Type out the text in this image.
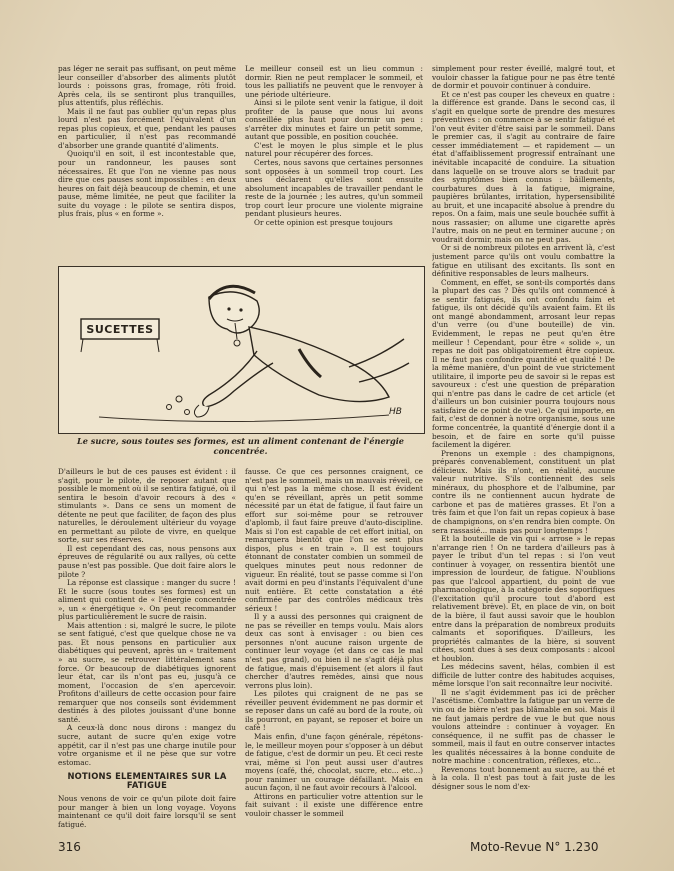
pas léger ne serait pas suffisant, on peut même leur conseiller d'absorber des aliments plutôt lourds : poissons gras, fromage, rôti froid. Après cela, ils se sentiront plus tranquilles, plus attentifs, plus réfléchis.

Mais il ne faut pas oublier qu'un repas plus lourd n'est pas forcément l'équivalent d'un repas plus copieux, et que, pendant les pauses en particulier, il n'est pas recommandé d'absorber une grande quantité d'aliments.

Quoiqu'il en soit, il est incontestable que, pour un randonneur, les pauses sont nécessaires. Et que l'on ne vienne pas nous dire que ces pauses sont impossibles : en deux heures on fait déjà beaucoup de chemin, et une pause, même limitée, ne peut que faciliter la suite du voyage : le pilote se sentira dispos, plus frais, plus « en forme ».

Le meilleur conseil est un lieu commun : dormir. Rien ne peut remplacer le sommeil, et tous les palliatifs ne peuvent que le renvoyer à une période ultérieure.

Ainsi si le pilote sent venir la fatigue, il doit profiter de la pause que nous lui avons conseillée plus haut pour dormir un peu : s'arrêter dix minutes et faire un petit somme, autant que possible, en position couchée.

C'est le moyen le plus simple et le plus naturel pour récupérer des forces.

Certes, nous savons que certaines personnes sont opposées à un sommeil trop court. Les unes déclarent qu'elles sont ensuite absolument incapables de travailler pendant le reste de la journée ; les autres, qu'un sommeil trop court leur procure une violente migraine pendant plusieurs heures.

Or cette opinion est presque toujours

simplement pour rester éveillé, malgré tout, et vouloir chasser la fatigue pour ne pas être tenté de dormir et pouvoir continuer à conduire.

Et ce n'est pas couper les cheveux en quatre : la différence est grande. Dans le second cas, il s'agit en quelque sorte de prendre des mesures préventives : on commence à se sentir fatigué et l'on veut éviter d'être saisi par le sommeil. Dans le premier cas, il s'agit au contraire de faire cesser immédiatement — et rapidement — un état d'affaiblissement progressif entraînant une inévitable incapacité de conduire. La situation dans laquelle on se trouve alors se traduit par des symptômes bien connus : bâillements, courbatures dues à la fatigue, migraine, paupières brûlantes, irritation, hypersensibilité au bruit, et une incapacité absolue à prendre du repos. On a faim, mais une seule bouchée suffit à nous rassasier; on allume une cigarette après l'autre, mais on ne peut en terminer aucune ; on voudrait dormir, mais on ne peut pas.

Or si de nombreux pilotes en arrivent là, c'est justement parce qu'ils ont voulu combattre la fatigue en utilisant des excitants. Ils sont en définitive responsables de leurs malheurs.

Comment, en effet, se sont-ils comportés dans la plupart des cas ? Dès qu'ils ont commencé à se sentir fatigués, ils ont confondu faim et fatigue, ils ont décidé qu'ils avaient faim. Et ils ont mangé abondamment, arrosant leur repas d'un verre (ou d'une bouteille) de vin. Evidemment, le repas ne peut qu'en être meilleur ! Cependant, pour être « solide », un repas ne doit pas obligatoirement être copieux. Il ne faut pas confondre quantité et qualité ! De la même manière, d'un point de vue strictement utilitaire, il importe peu de savoir si le repas est savoureux : c'est une question de préparation qui n'entre pas dans le cadre de cet article (et d'ailleurs un bon cuisinier pourra toujours nous satisfaire de ce point de vue). Ce qui importe, en fait, c'est de donner à notre organisme, sous une forme concentrée, la quantité d'énergie dont il a besoin, et de faire en sorte qu'il puisse facilement la digérer.

Prenons un exemple : des champignons, préparés convenablement, constituent un plat délicieux. Mais ils n'ont, en réalité, aucune valeur nutritive. S'ils contiennent des sels minéraux, du phosphore et de l'albumine, par contre ils ne contiennent aucun hydrate de carbone et pas de matières grasses. Et l'on a très faim et que l'on fait un repas copieux à base de champignons, on s'en rendra bien compte. On sera rassasié... mais pas pour longtemps !

Et la bouteille de vin qui « arrose » le repas n'arrange rien ! On ne tardera d'ailleurs pas à payer le tribut d'un tel repas : si l'on veut continuer à voyager, on ressentira bientôt une impression de lourdeur, de fatigue. N'oublions pas que l'alcool appartient, du point de vue pharmacologique, à la catégorie des soporifiques (l'excitation qu'il procure tout d'abord est relativement brève). Et, en place de vin, on boit de la bière, il faut aussi savoir que le houblon entre dans la préparation de nombreux produits calmants et soporifiques. D'ailleurs, les propriétés calmantes de la bière, si souvent citées, sont dues à ses deux composants : alcool et houblon.

Les médecins savent, hélas, combien il est difficile de lutter contre des habitudes acquises, même lorsque l'on sait reconnaître leur nocivité.

Il ne s'agit évidemment pas ici de prêcher l'ascétisme. Combattre la fatigue par un verre de vin ou de bière n'est pas blâmable en soi. Mais il ne faut jamais perdre de vue le but que nous voulons atteindre : continuer à voyager. En conséquence, il ne suffit pas de chasser le sommeil, mais il faut en outre conserver intactes les qualités nécessaires à la bonne conduite de notre machine : concentration, réflexes, etc...

Revenons tout bonnement au sucre, au thé et à la cola. Il n'est pas tout à fait juste de les désigner sous le nom d'ex-

SUCETTES
HB
Le sucre, sous toutes ses formes, est un aliment contenant de l'énergie concentrée.

D'ailleurs le but de ces pauses est évident : il s'agit, pour le pilote, de reposer autant que possible le moment où il se sentira fatigué, où il sentira le besoin d'avoir recours à des « stimulants ». Dans ce sens un moment de détente ne peut que faciliter, de façon des plus naturelles, le déroulement ultérieur du voyage en permettant au pilote de vivre, en quelque sorte, sur ses réserves.

Il est cependant des cas, nous pensons aux épreuves de régularité ou aux rallyes, où cette pause n'est pas possible. Que doit faire alors le pilote ?

La réponse est classique : manger du sucre ! Et le sucre (sous toutes ses formes) est un aliment qui contient de « l'énergie concentrée », un « énergétique ». On peut recommander plus particulièrement le sucre de raisin.

Mais attention : si, malgré le sucre, le pilote se sent fatigué, c'est que quelque chose ne va pas. Et nous pensons en particulier aux diabétiques qui peuvent, après un « traitement » au sucre, se retrouver littéralement sans force. Or beaucoup de diabétiques ignorent leur état, car ils n'ont pas eu, jusqu'à ce moment, l'occasion de s'en apercevoir. Profitons d'ailleurs de cette occasion pour faire remarquer que nos conseils sont évidemment destinés à des pilotes jouissant d'une bonne santé.

A ceux-là donc nous dirons : mangez du sucre, autant de sucre qu'en exige votre appétit, car il n'est pas une charge inutile pour votre organisme et il ne pèse que sur votre estomac.

NOTIONS ELEMENTAIRES SUR LA FATIGUE

Nous venons de voir ce qu'un pilote doit faire pour manger à bien un long voyage. Voyons maintenant ce qu'il doit faire lorsqu'il se sent fatigué.

fausse. Ce que ces personnes craignent, ce n'est pas le sommeil, mais un mauvais réveil, ce qui n'est pas la même chose. Il est évident qu'en se réveillant, après un petit somme nécessité par un état de fatigue, il faut faire un effort sur soi-même pour se retrouver d'aplomb, il faut faire preuve d'auto-discipline. Mais si l'on est capable de cet effort initial, on remarquera bientôt que l'on se sent plus dispos, plus « en train ». Il est toujours étonnant de constater combien un sommeil de quelques minutes peut nous redonner de vigueur. En réalité, tout se passe comme si l'on avait dormi en peu d'instants l'équivalent d'une nuit entière. Et cette constatation a été confirmée par des contrôles médicaux très sérieux !

Il y a aussi des personnes qui craignent de ne pas se réveiller en temps voulu. Mais alors deux cas sont à envisager : ou bien ces personnes n'ont aucune raison urgente de continuer leur voyage (et dans ce cas le mal n'est pas grand), ou bien il ne s'agit déjà plus de fatigue, mais d'épuisement (et alors il faut chercher d'autres remèdes, ainsi que nous verrons plus loin).

Les pilotes qui craignent de ne pas se réveiller peuvent évidemment ne pas dormir et se reposer dans un café au bord de la route, où ils pourront, en payant, se reposer et boire un café !

Mais enfin, d'une façon générale, répétons-le, le meilleur moyen pour s'opposer à un début de fatigue, c'est de dormir un peu. Et ceci reste vrai, même si l'on peut aussi user d'autres moyens (café, thé, chocolat, sucre, etc... etc...) pour ranimer un courage défaillant. Mais en aucun façon, il ne faut avoir recours à l'alcool.

Attirons en particulier votre attention sur le fait suivant : il existe une différence entre vouloir chasser le sommeil

316	Moto-Revue N° 1.230
